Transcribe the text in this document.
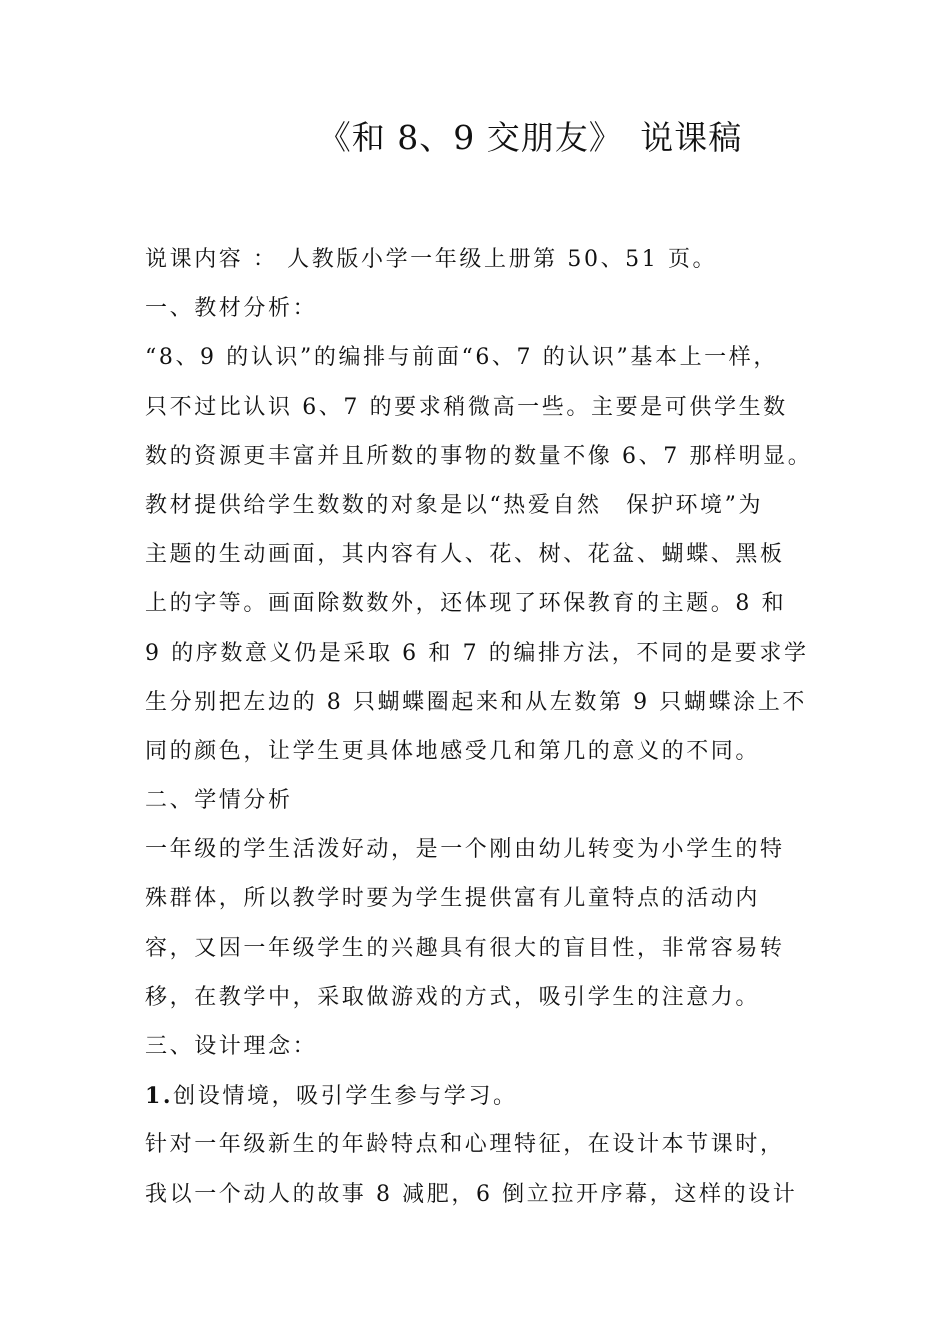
《和 8、9 交朋友》　说课稿
说课内容 ： 人教版小学一年级上册第 50、51 页。
一、教材分析：
“8、9 的认识”的编排与前面“6、7 的认识”基本上一样，
只不过比认识 6、7 的要求稍微高一些。主要是可供学生数
数的资源更丰富并且所数的事物的数量不像 6、7 那样明显。
教材提供给学生数数的对象是以“热爱自然　保护环境”为
主题的生动画面，其内容有人、花、树、花盆、蝴蝶、黑板
上的字等。画面除数数外，还体现了环保教育的主题。8 和
9 的序数意义仍是采取 6 和 7 的编排方法，不同的是要求学
生分别把左边的 8 只蝴蝶圈起来和从左数第 9 只蝴蝶涂上不
同的颜色，让学生更具体地感受几和第几的意义的不同。
二、学情分析
一年级的学生活泼好动，是一个刚由幼儿转变为小学生的特
殊群体，所以教学时要为学生提供富有儿童特点的活动内
容，又因一年级学生的兴趣具有很大的盲目性，非常容易转
移，在教学中，采取做游戏的方式，吸引学生的注意力。
三、设计理念：
1.创设情境，吸引学生参与学习。
针对一年级新生的年龄特点和心理特征，在设计本节课时，
我以一个动人的故事 8 减肥，6 倒立拉开序幕，这样的设计
